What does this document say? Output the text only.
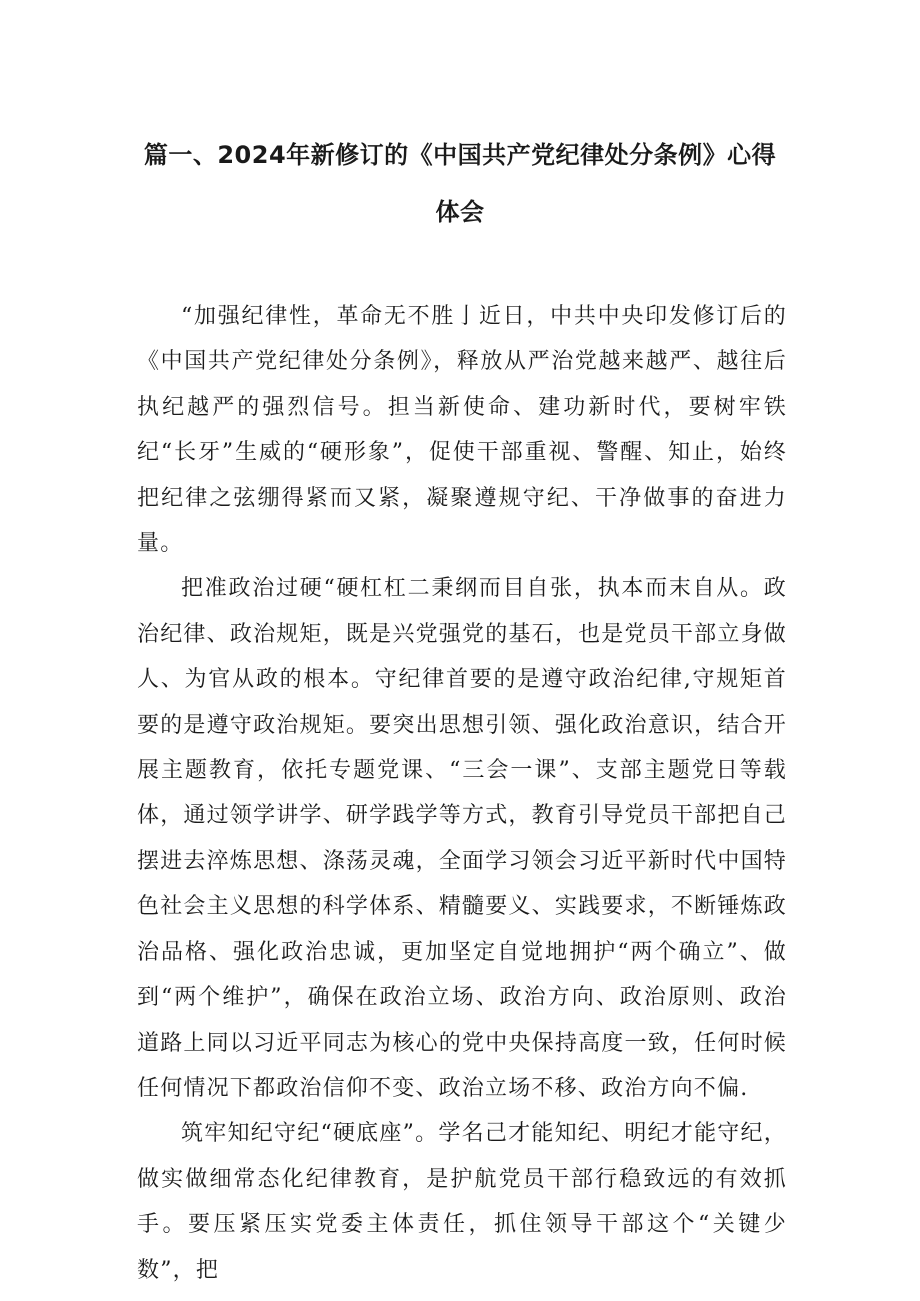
篇一、2024年新修订的《中国共产党纪律处分条例》心得
体会

“加强纪律性，革命无不胜亅近日，中共中央印发修订后的《中国共产党纪律处分条例》，释放从严治党越来越严、越往后执纪越严的强烈信号。担当新使命、建功新时代，要树牢铁纪“长牙”生威的“硬形象”，促使干部重视、警醒、知止，始终把纪律之弦绷得紧而又紧，凝聚遵规守纪、干净做事的奋进力量。

把准政治过硬“硬杠杠二秉纲而目自张，执本而末自从。政治纪律、政治规矩，既是兴党强党的基石，也是党员干部立身做人、为官从政的根本。守纪律首要的是遵守政治纪律,守规矩首要的是遵守政治规矩。要突出思想引领、强化政治意识，结合开展主题教育，依托专题党课、“三会一课”、支部主题党日等载体，通过领学讲学、研学践学等方式，教育引导党员干部把自己摆进去淬炼思想、涤荡灵魂，全面学习领会习近平新时代中国特色社会主义思想的科学体系、精髓要义、实践要求，不断锤炼政治品格、强化政治忠诚，更加坚定自觉地拥护“两个确立”、做到“两个维护”，确保在政治立场、政治方向、政治原则、政治道路上同以习近平同志为核心的党中央保持高度一致，任何时候任何情况下都政治信仰不变、政治立场不移、政治方向不偏.

筑牢知纪守纪“硬底座”。学名己才能知纪、明纪才能守纪，做实做细常态化纪律教育，是护航党员干部行稳致远的有效抓手。要压紧压实党委主体责任，抓住领导干部这个“关键少数”，把
